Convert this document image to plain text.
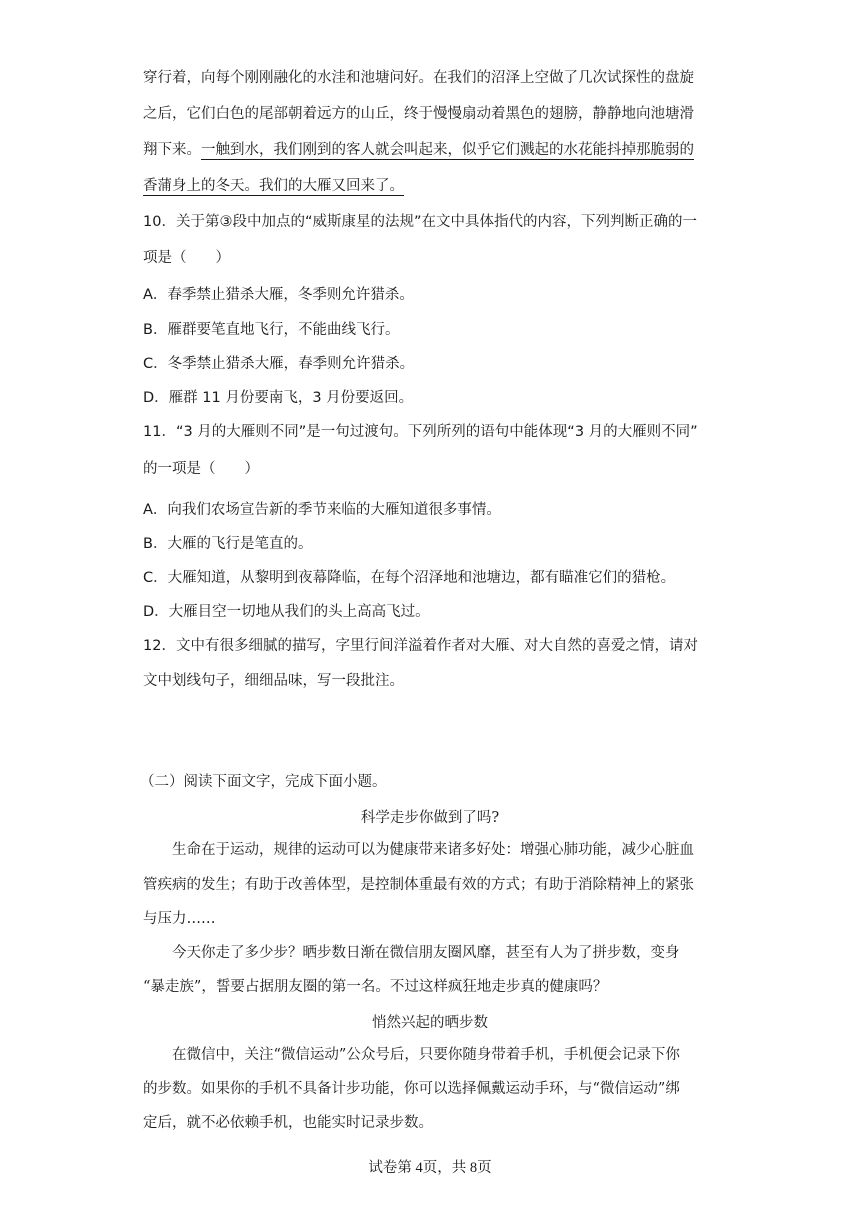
穿行着，向每个刚刚融化的水洼和池塘问好。在我们的沼泽上空做了几次试探性的盘旋
之后，它们白色的尾部朝着远方的山丘，终于慢慢扇动着黑色的翅膀，静静地向池塘滑
翔下来。一触到水，我们刚到的客人就会叫起来，似乎它们溅起的水花能抖掉那脆弱的
香蒲身上的冬天。我们的大雁又回来了。
10．关于第③段中加点的“威斯康星的法规”在文中具体指代的内容，下列判断正确的一
项是（　　）
A．春季禁止猎杀大雁，冬季则允许猎杀。
B．雁群要笔直地飞行，不能曲线飞行。
C．冬季禁止猎杀大雁，春季则允许猎杀。
D．雁群 11 月份要南飞，3 月份要返回。
11．“3 月的大雁则不同”是一句过渡句。下列所列的语句中能体现“3 月的大雁则不同”
的一项是（　　）
A．向我们农场宣告新的季节来临的大雁知道很多事情。
B．大雁的飞行是笔直的。
C．大雁知道，从黎明到夜幕降临，在每个沼泽地和池塘边，都有瞄准它们的猎枪。
D．大雁目空一切地从我们的头上高高飞过。
12．文中有很多细腻的描写，字里行间洋溢着作者对大雁、对大自然的喜爱之情，请对
文中划线句子，细细品味，写一段批注。
（二）阅读下面文字，完成下面小题。
科学走步你做到了吗?
生命在于运动，规律的运动可以为健康带来诸多好处：增强心肺功能，减少心脏血
管疾病的发生；有助于改善体型，是控制体重最有效的方式；有助于消除精神上的紧张
与压力……
今天你走了多少步？晒步数日渐在微信朋友圈风靡，甚至有人为了拼步数，变身
“暴走族”，誓要占据朋友圈的第一名。不过这样疯狂地走步真的健康吗？
悄然兴起的晒步数
在微信中，关注“微信运动”公众号后，只要你随身带着手机，手机便会记录下你
的步数。如果你的手机不具备计步功能，你可以选择佩戴运动手环，与“微信运动”绑
定后，就不必依赖手机，也能实时记录步数。
试卷第 4页，共 8页
